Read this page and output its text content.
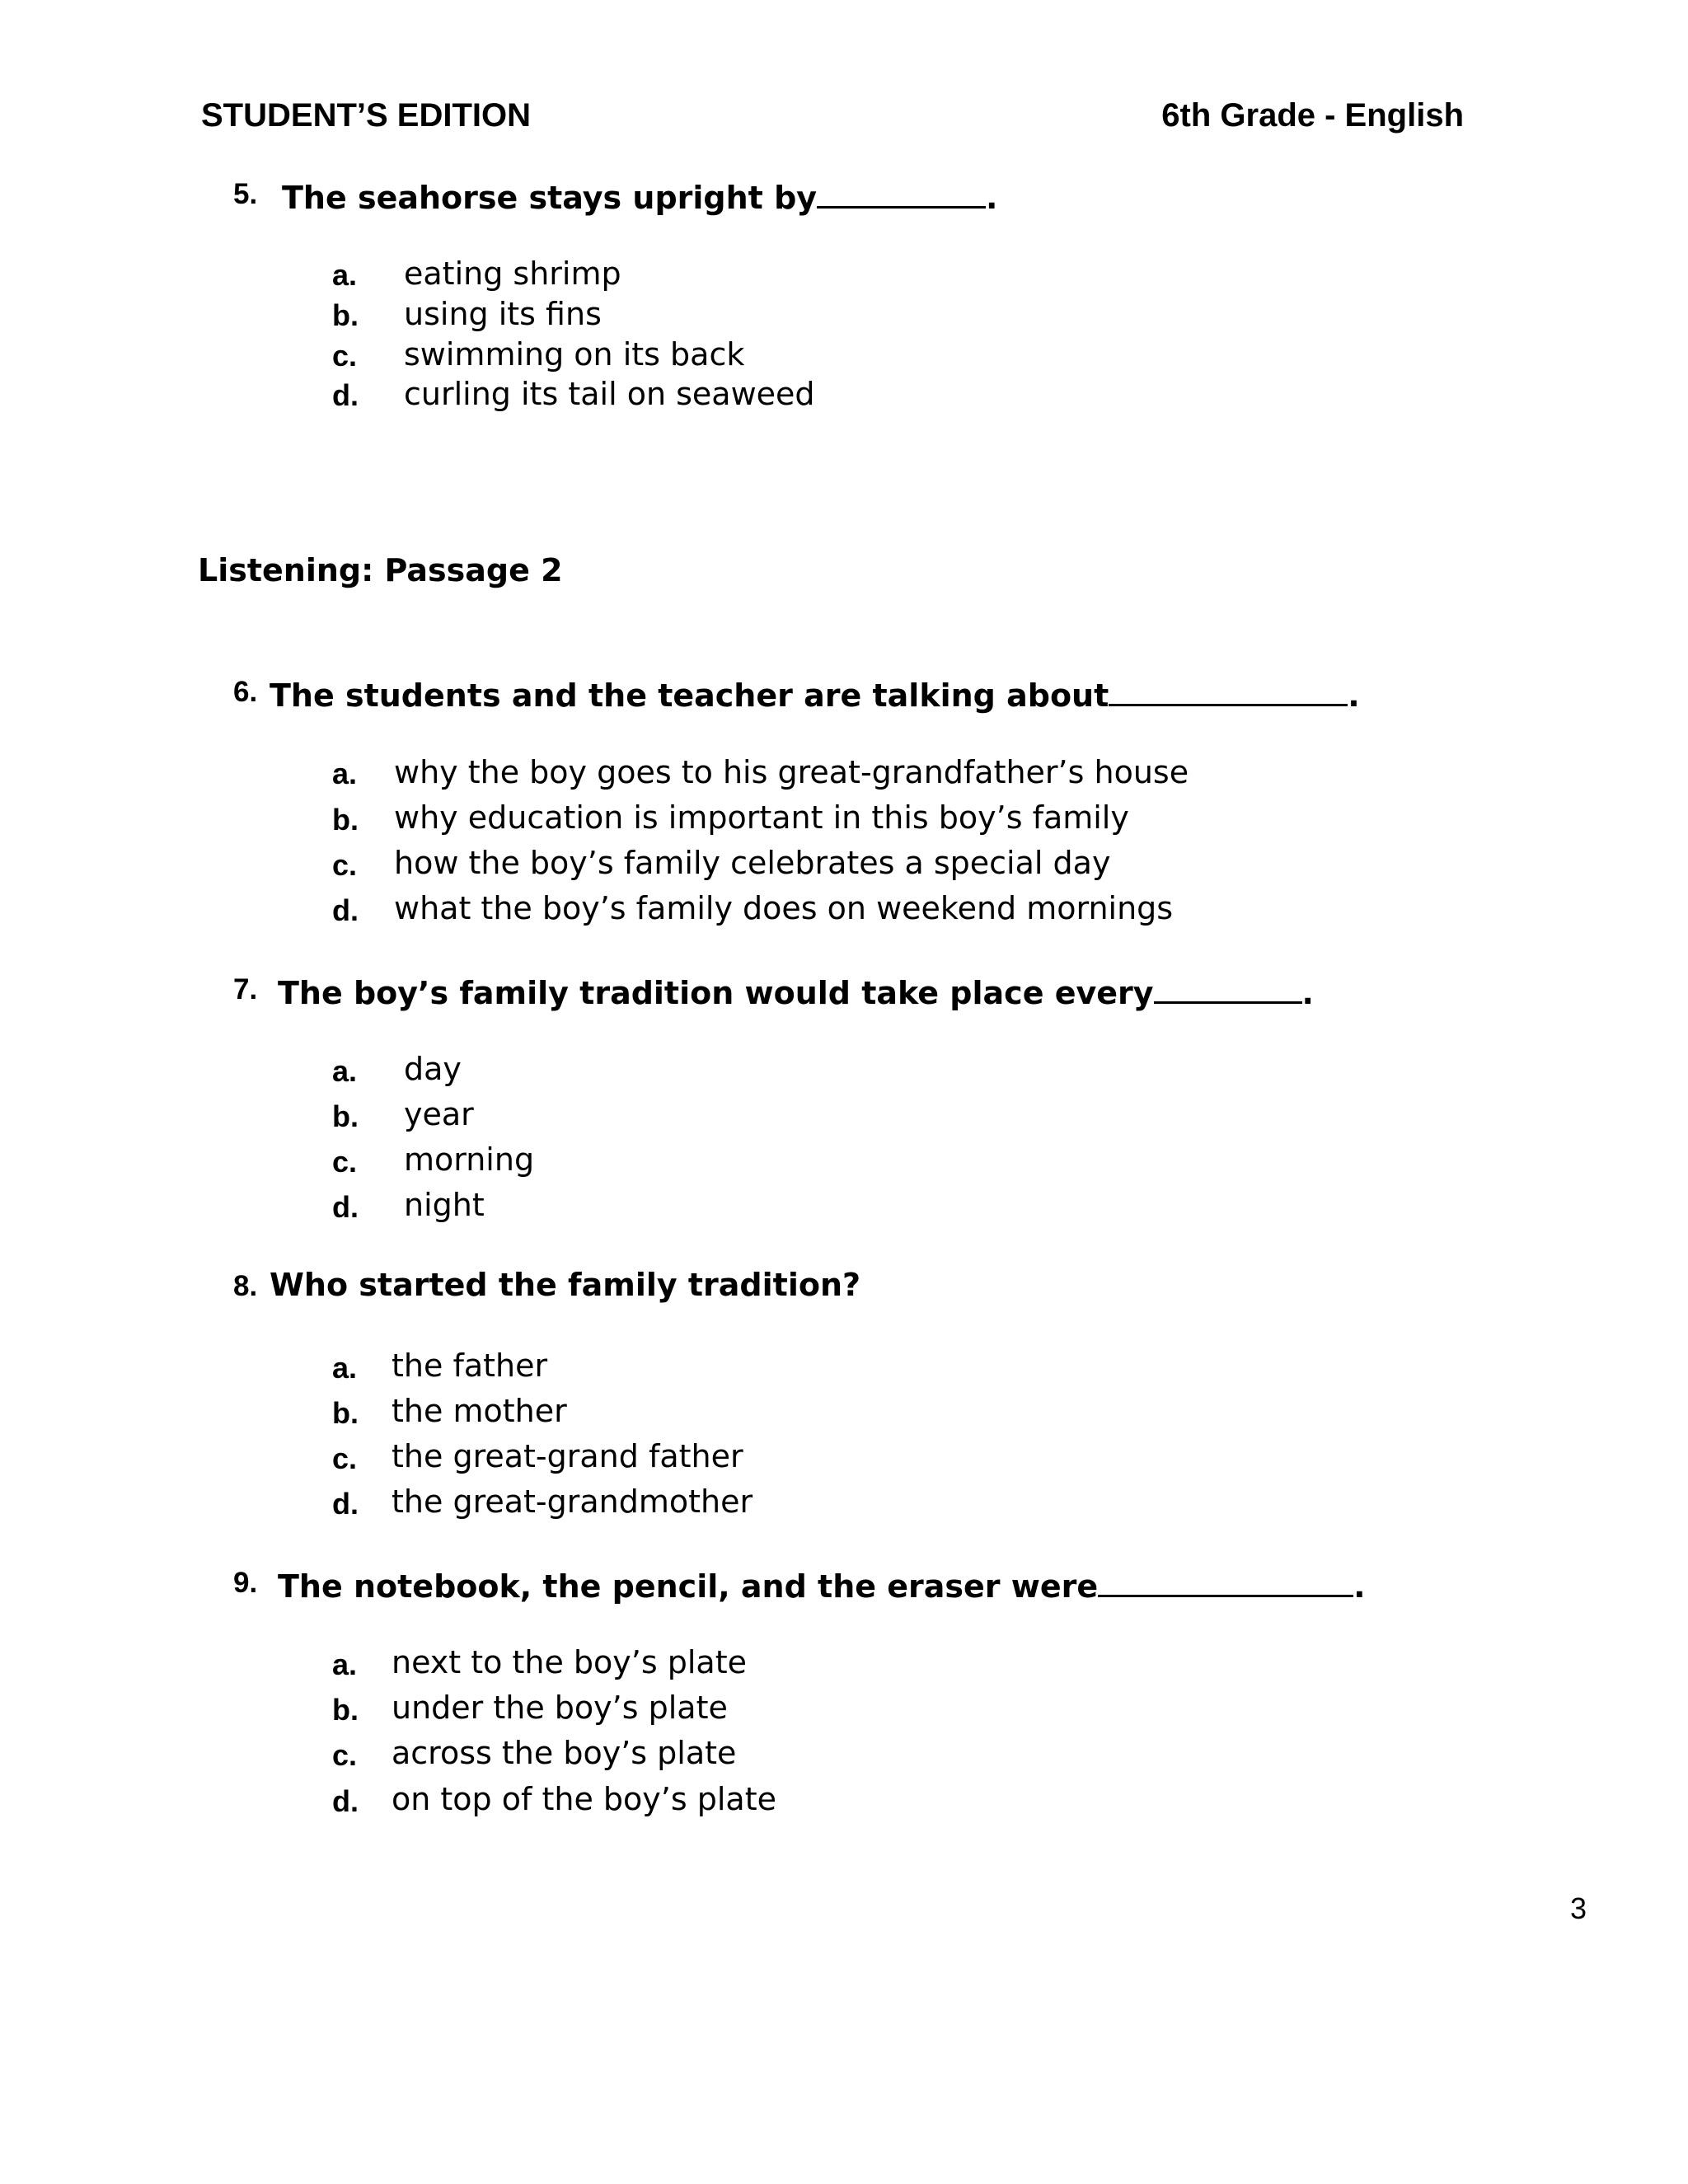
STUDENT’S EDITION	6th Grade - English
5. The seahorse stays upright by	.
a. eating shrimp
b. using its fins
c. swimming on its back
d. curling its tail on seaweed
Listening: Passage 2
6. The students and the teacher are talking about	.
a. why the boy goes to his great-grandfather’s house
b. why education is important in this boy’s family
c. how the boy’s family celebrates a special day
d. what the boy’s family does on weekend mornings
7. The boy’s family tradition would take place every	.
a. day
b. year
c. morning
d. night
8. Who started the family tradition?
a. the father
b. the mother
c. the great-grand father
d. the great-grandmother
9. The notebook, the pencil, and the eraser were	.
a. next to the boy’s plate
b. under the boy’s plate
c. across the boy’s plate
d. on top of the boy’s plate
3
